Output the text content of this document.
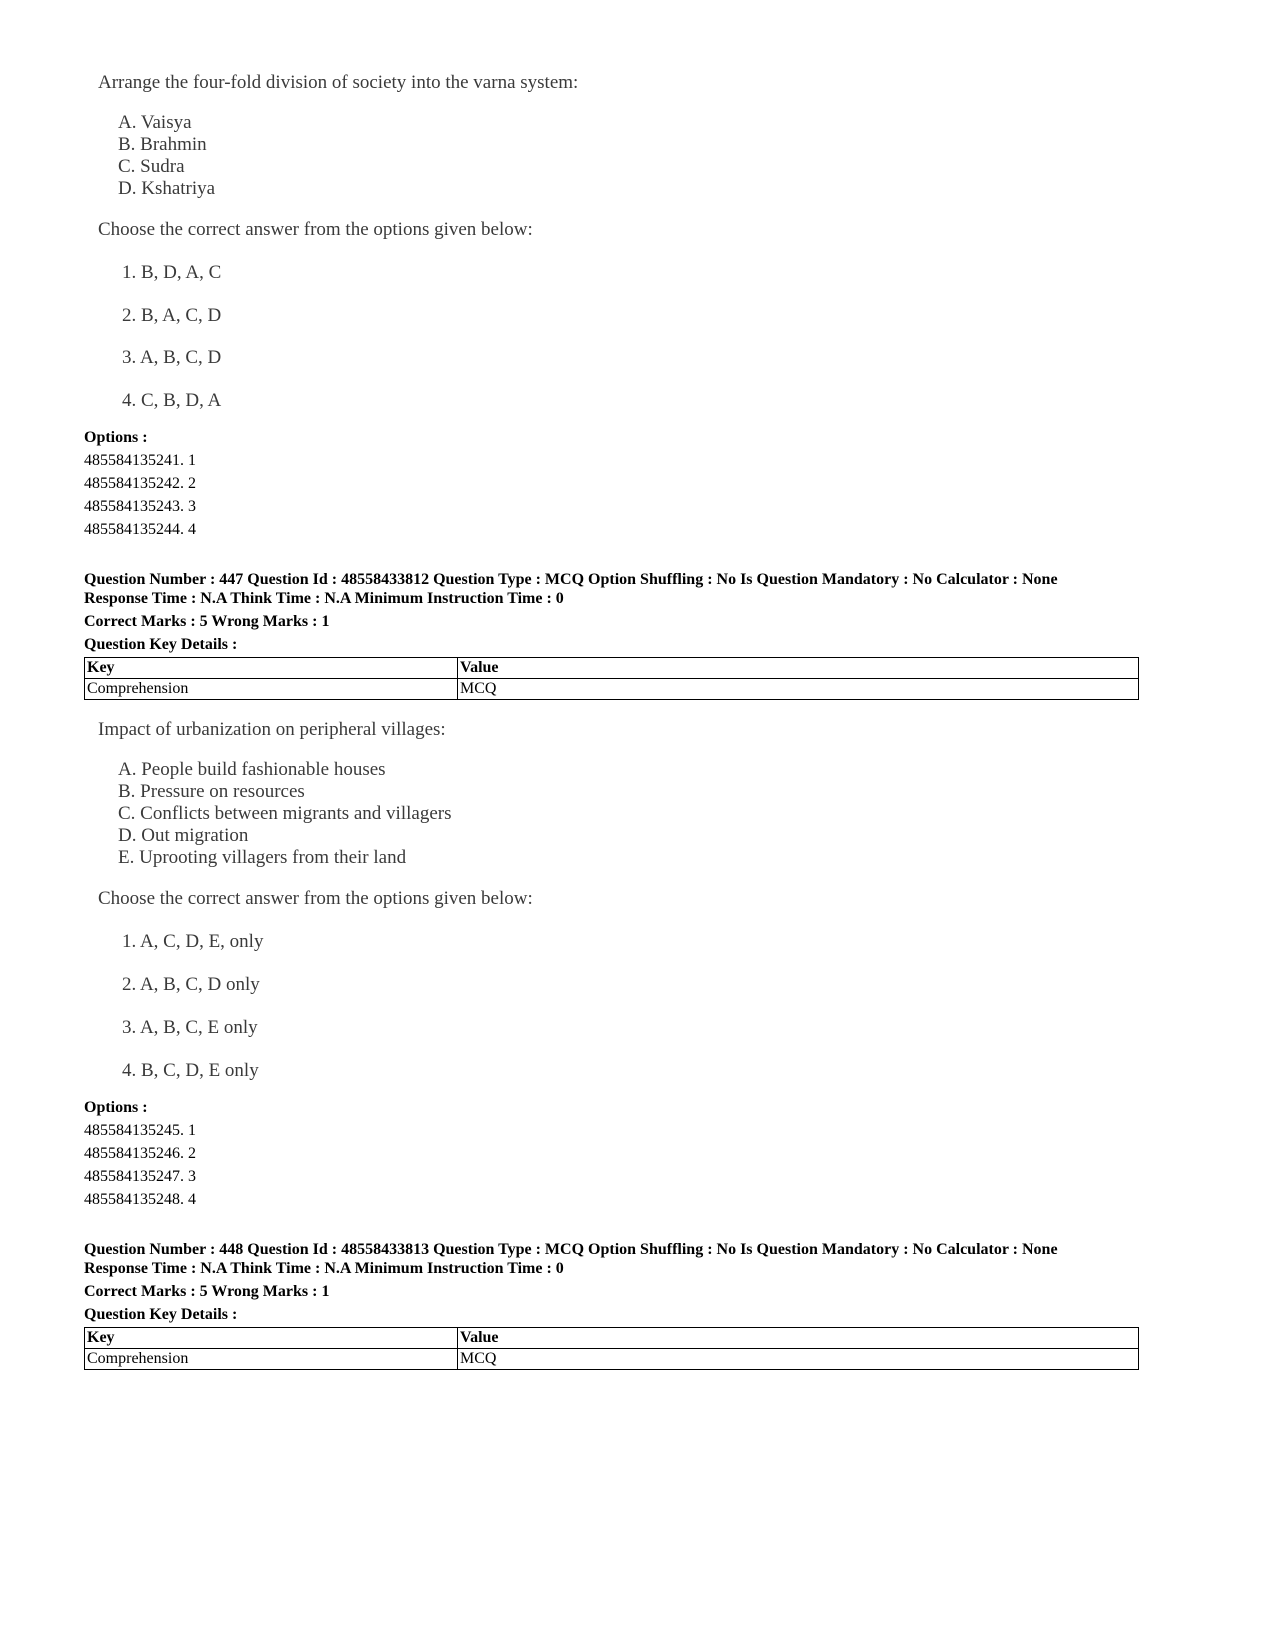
Arrange the four-fold division of society into the varna system:
A. Vaisya
B. Brahmin
C. Sudra
D. Kshatriya
Choose the correct answer from the options given below:
1. B, D, A, C
2. B, A, C, D
3. A, B, C, D
4. C, B, D, A
Options :
485584135241. 1
485584135242. 2
485584135243. 3
485584135244. 4
Question Number : 447 Question Id : 48558433812 Question Type : MCQ Option Shuffling : No Is Question Mandatory : No Calculator : None
Response Time : N.A Think Time : N.A Minimum Instruction Time : 0
Correct Marks : 5 Wrong Marks : 1
Question Key Details :
Key	Value
Comprehension	MCQ
Impact of urbanization on peripheral villages:
A. People build fashionable houses
B. Pressure on resources
C. Conflicts between migrants and villagers
D. Out migration
E. Uprooting villagers from their land
Choose the correct answer from the options given below:
1. A, C, D, E, only
2. A, B, C, D only
3. A, B, C, E only
4. B, C, D, E only
Options :
485584135245. 1
485584135246. 2
485584135247. 3
485584135248. 4
Question Number : 448 Question Id : 48558433813 Question Type : MCQ Option Shuffling : No Is Question Mandatory : No Calculator : None
Response Time : N.A Think Time : N.A Minimum Instruction Time : 0
Correct Marks : 5 Wrong Marks : 1
Question Key Details :
Key	Value
Comprehension	MCQ
